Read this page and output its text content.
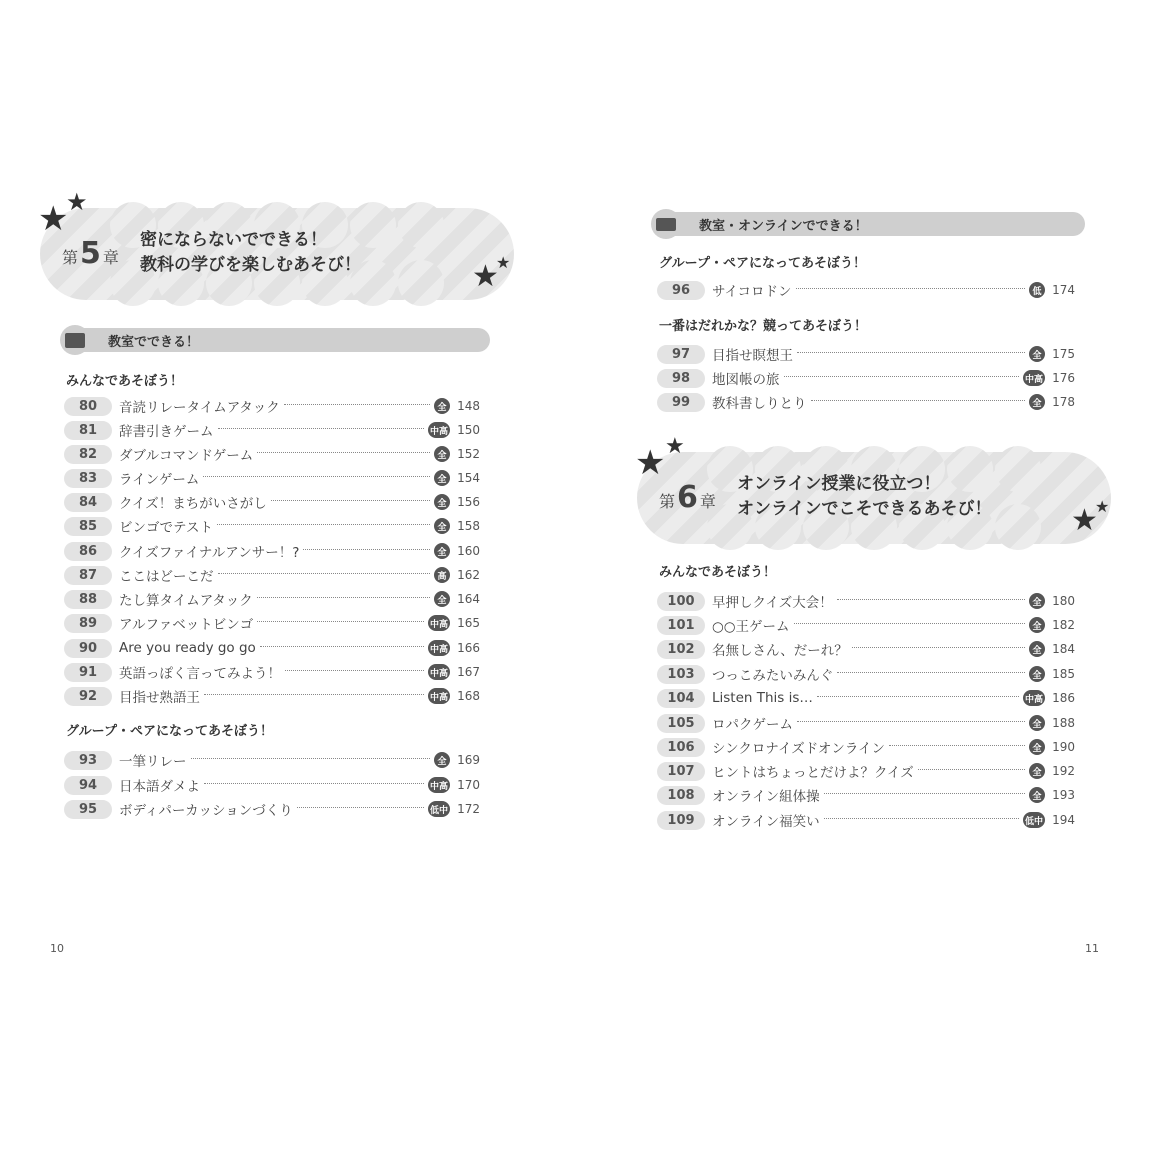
★
★
★
★
第 5 章
密にならないでできる！
教科の学びを楽しむあそび！
教室でできる！
みんなであそぼう！
80	音読リレータイムアタック	全 148
81	辞書引きゲーム	中高 150
82	ダブルコマンドゲーム	全 152
83	ラインゲーム	全 154
84	クイズ！まちがいさがし	全 156
85	ビンゴでテスト	全 158
86	クイズファイナルアンサー！?	全 160
87	ここはどーこだ	高 162
88	たし算タイムアタック	全 164
89	アルファベットビンゴ	中高 165
90	Are you ready go go	中高 166
91	英語っぽく言ってみよう！	中高 167
92	目指せ熟語王	中高 168
グループ・ペアになってあそぼう！
93	一筆リレー	全 169
94	日本語ダメよ	中高 170
95	ボディパーカッションづくり	低中 172
10
教室・オンラインでできる！
グループ・ペアになってあそぼう！
96	サイコロドン	低 174
一番はだれかな？競ってあそぼう！
97	目指せ瞑想王	全 175
98	地図帳の旅	中高 176
99	教科書しりとり	全 178
★ ★
★
★
第 6 章
オンライン授業に役立つ！
オンラインでこそできるあそび！
みんなであそぼう！
100	早押しクイズ大会！	全 180
101	○○王ゲーム	全 182
102	名無しさん、だーれ？	全 184
103	つっこみたいみんぐ	全 185
104	Listen This is…	中高 186
105	ロパクゲーム	全 188
106	シンクロナイズドオンライン	全 190
107	ヒントはちょっとだけよ？クイズ	全 192
108	オンライン組体操	全 193
109	オンライン福笑い	低中 194
11
